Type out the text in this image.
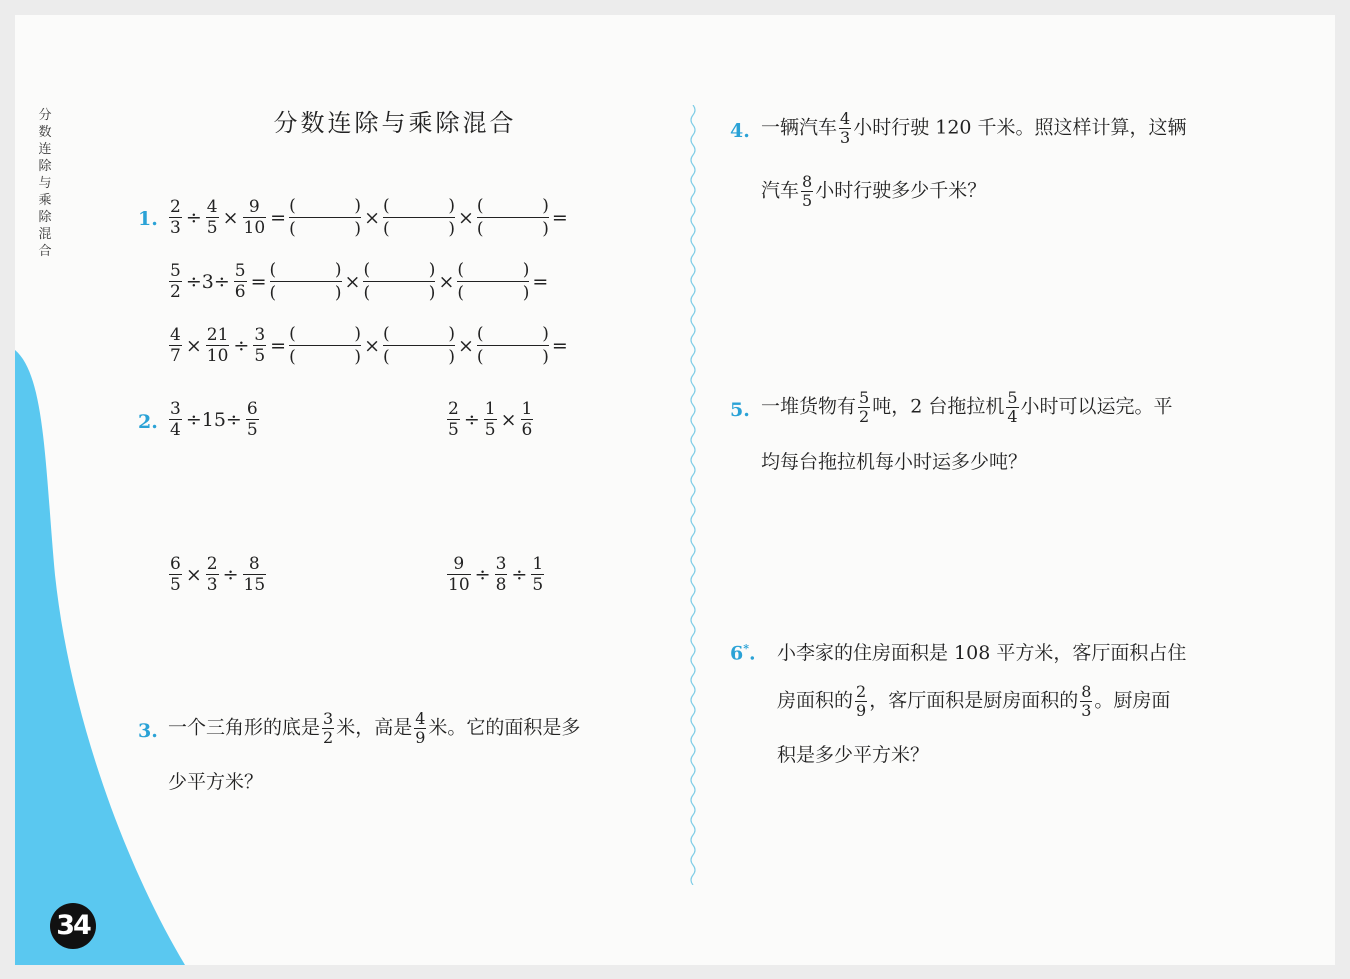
分数连除与乘除混合
34
分数连除与乘除混合
1. $\frac{2}{3} \div \frac{4}{5} \times \frac{9}{10}$ =
(	)
(	)
×
(	)
(	)
×
(	)
(	)
=
$\frac{5}{2} \div 3\div \frac{5}{6}$ =
(	)
(	)
×
(	)
(	)
×
(	)
(	)
=
$\frac{4}{7} \times \frac{21}{10} \div \frac{3}{5}$ =
(	)
(	)
×
(	)
(	)
×
(	)
(	)
=
2. $\frac{3}{4} \div 15\div \frac{6}{5}$	$\frac{2}{5} \div \frac{1}{5} \times \frac{1}{6}$
$\frac{6}{5} \times \frac{2}{3} \div \frac{8}{15}$	$\frac{9}{10} \div \frac{3}{8} \div \frac{1}{5}$
3. 一个三角形的底是 $\frac{3}{2}$ 米，高是 $\frac{4}{9}$ 米。它的面积是多
少平方米？
4. 一辆汽车 $\frac{4}{3}$ 小时行驶 120 千米。照这样计算，这辆
汽车 $\frac{8}{5}$ 小时行驶多少千米？
5. 一堆货物有 $\frac{5}{2}$ 吨，2 台拖拉机 $\frac{5}{4}$ 小时可以运完。平
均每台拖拉机每小时运多少吨？
6*. 小李家的住房面积是 108 平方米，客厅面积占住
房面积的 $\frac{2}{9}$ ，客厅面积是厨房面积的 $\frac{8}{3}$ 。厨房面
积是多少平方米？
